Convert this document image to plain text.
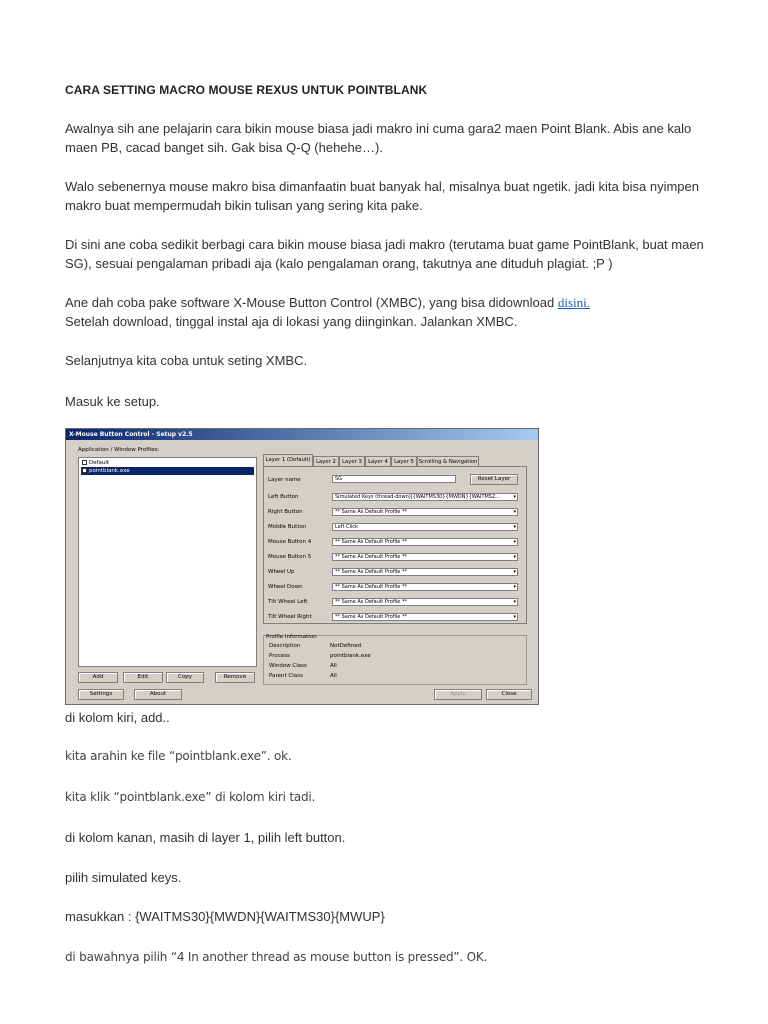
CARA SETTING MACRO MOUSE REXUS UNTUK POINTBLANK

Awalnya sih ane pelajarin cara bikin mouse biasa jadi makro ini cuma gara2 maen Point Blank. Abis ane kalo maen PB, cacad banget sih. Gak bisa Q-Q (hehehe…).

Walo sebenernya mouse makro bisa dimanfaatin buat banyak hal, misalnya buat ngetik. jadi kita bisa nyimpen makro buat mempermudah bikin tulisan yang sering kita pake.

Di sini ane coba sedikit berbagi cara bikin mouse biasa jadi makro (terutama buat game PointBlank, buat maen SG), sesuai pengalaman pribadi aja (kalo pengalaman orang, takutnya ane dituduh plagiat. ;P )

Ane dah coba pake software X-Mouse Button Control (XMBC), yang bisa didownload disini.
Setelah download, tinggal instal aja di lokasi yang diinginkan. Jalankan XMBC.

Selanjutnya kita coba untuk seting XMBC.

Masuk ke setup.

X-Mouse Button Control - Setup v2.5
Application / Window Profiles:
Default
pointblank.exe
Add	Edit	Copy	Remove
Settings	About	Apply	Close
Layer 1 (Default)	Layer 2	Layer 3	Layer 4	Layer 5 Scrolling & Navigation
Layer name	SG	Reset Layer
Left Button	Simulated Keys (thread-down)[{WAITMS30}{MWDN}{WAITMS2...	▾
Right Button	** Same As Default Profile **	▾
Middle Button	Left Click	▾
Mouse Button 4	** Same As Default Profile **	▾
Mouse Button 5	** Same As Default Profile **	▾
Wheel Up	** Same As Default Profile **	▾
Wheel Down	** Same As Default Profile **	▾
Tilt Wheel Left	** Same As Default Profile **	▾
Tilt Wheel Right	** Same As Default Profile **	▾
Profile Information
Description	NotDefined
Process	pointblank.exe
Window Class	All
Parent Class	All

di kolom kiri, add..

kita arahin ke file “pointblank.exe”. ok.

kita klik “pointblank.exe” di kolom kiri tadi.

di kolom kanan, masih di layer 1, pilih left button.

pilih simulated keys.

masukkan : {WAITMS30}{MWDN}{WAITMS30}{MWUP}

di bawahnya pilih “4 In another thread as mouse button is pressed”. OK.
